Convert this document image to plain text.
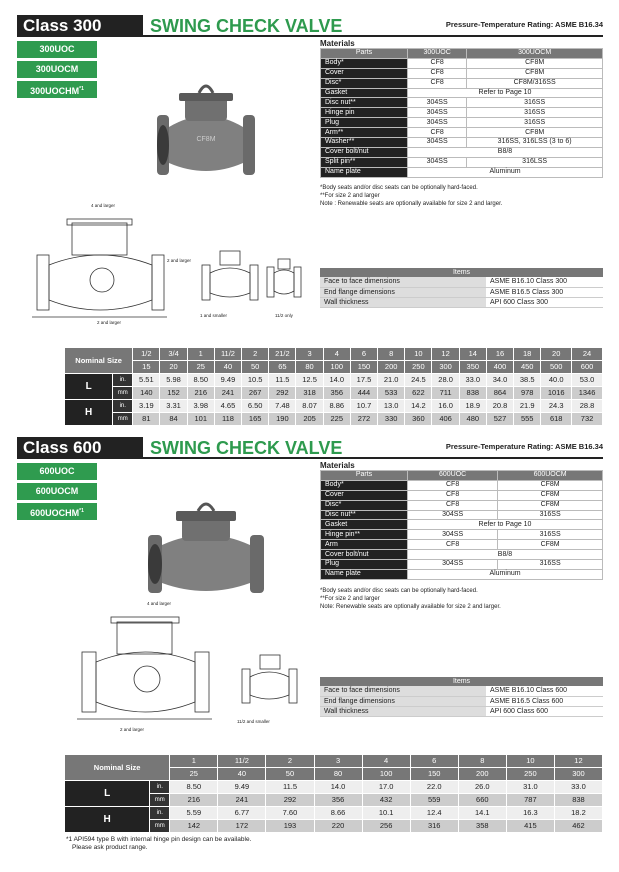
Class 300	SWING CHECK VALVE	Pressure-Temperature Rating: ASME B16.34
300UOC
300UOCM
300UOCHM$^{*1}$
CF8M
4 and larger
2 and larger
2 and larger
1 and smaller	11/2 only
Materials
Parts	300UOC	300UOCM
Body*	CF8	CF8M
Cover	CF8	CF8M
Disc*	CF8	CF8M/316SS
Gasket	Refer to Page 10	
Disc nut**	304SS	316SS
Hinge pin	304SS	316SS
Plug	304SS	316SS
Arm**	CF8	CF8M
Washer**	304SS	316SS, 316LSS (3 to 6)
Cover bolt/nut	B8/8	
Split pin**	304SS	316LSS
Name plate	Aluminum	
*Body seats and/or disc seats can be optionally hard-faced.
**For size 2 and larger
Note : Renewable seats are optionally available for size 2 and larger.
Items	
Face to face dimensions	ASME B16.10 Class 300
End flange dimensions	ASME B16.5 Class 300
Wall thickness	API 600 Class 300
Nominal Size		1/2	3/4	1	11/2	2	21/2	3	4	6	8	10	12	14	16	18	20	24
		15	20	25	40	50	65	80	100	150	200	250	300	350	400	450	500	600
L	in.	5.51	5.98	8.50	9.49	10.5	11.5	12.5	14.0	17.5	21.0	24.5	28.0	33.0	34.0	38.5	40.0	53.0
	mm	140	152	216	241	267	292	318	356	444	533	622	711	838	864	978	1016	1346
H	in.	3.19	3.31	3.98	4.65	6.50	7.48	8.07	8.86	10.7	13.0	14.2	16.0	18.9	20.8	21.9	24.3	28.8
	mm	81	84	101	118	165	190	205	225	272	330	360	406	480	527	555	618	732
Class 600	SWING CHECK VALVE	Pressure-Temperature Rating: ASME B16.34
600UOC
600UOCM
600UOCHM$^{*1}$
4 and larger
2 and larger
11/2 and smaller
Materials
Parts	600UOC	600UOCM
Body*	CF8	CF8M
Cover	CF8	CF8M
Disc*	CF8	CF8M
Disc nut**	304SS	316SS
Gasket	Refer to Page 10	
Hinge pin**	304SS	316SS
Arm	CF8	CF8M
Cover bolt/nut	B8/8	
Plug	304SS	316SS
Name plate	Aluminum	
*Body seats and/or disc seats can be optionally hard-faced.
**For size 2 and larger
Note: Renewable seats are optionally available for size 2 and larger.
Items	
Face to face dimensions	ASME B16.10 Class 600
End flange dimensions	ASME B16.5 Class 600
Wall thickness	API 600 Class 600
Nominal Size		1	11/2	2	3	4	6	8	10	12
		25	40	50	80	100	150	200	250	300
L	in.	8.50	9.49	11.5	14.0	17.0	22.0	26.0	31.0	33.0
	mm	216	241	292	356	432	559	660	787	838
H	in.	5.59	6.77	7.60	8.66	10.1	12.4	14.1	16.3	18.2
	mm	142	172	193	220	256	316	358	415	462
*1 API594 type B with internal hinge pin design can be available.
Please ask product range.
